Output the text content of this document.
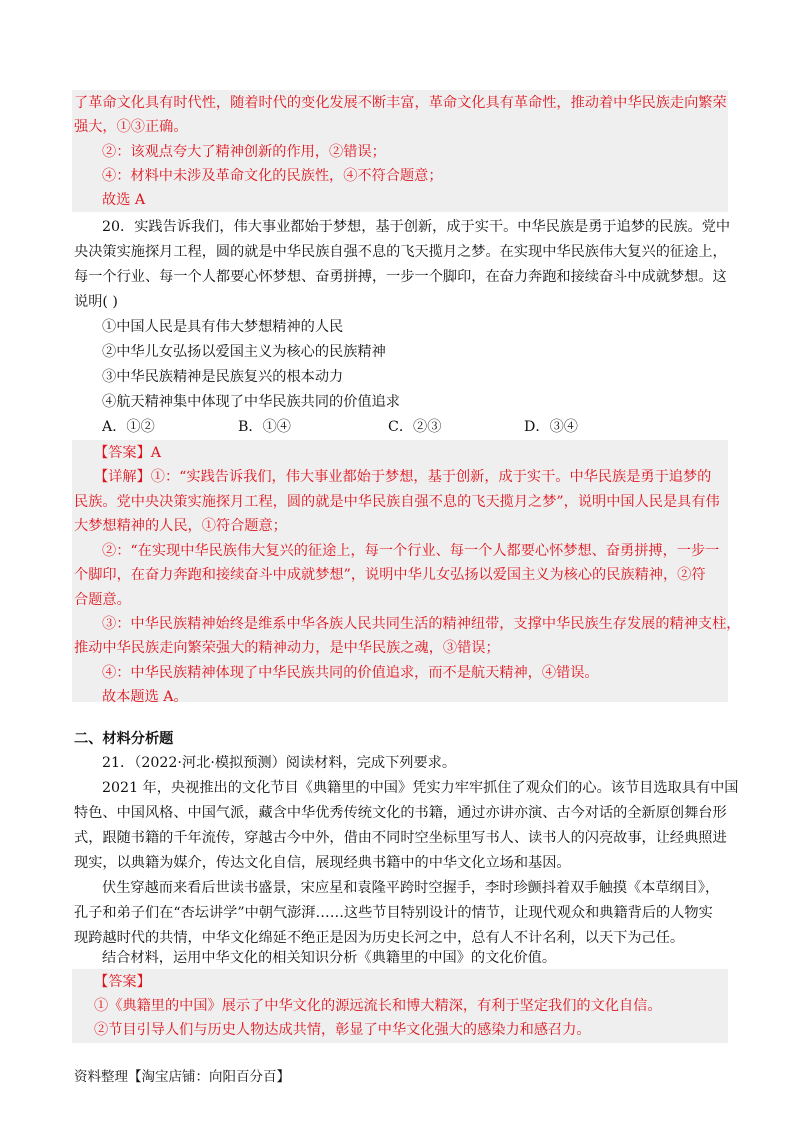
了革命文化具有时代性，随着时代的变化发展不断丰富，革命文化具有革命性，推动着中华民族走向繁荣
强大，①③正确。
②：该观点夸大了精神创新的作用，②错误；
④：材料中未涉及革命文化的民族性，④不符合题意；
故选 A
20．实践告诉我们，伟大事业都始于梦想，基于创新，成于实干。中华民族是勇于追梦的民族。党中
央决策实施探月工程，圆的就是中华民族自强不息的飞天揽月之梦。在实现中华民族伟大复兴的征途上，
每一个行业、每一个人都要心怀梦想、奋勇拼搏，一步一个脚印，在奋力奔跑和接续奋斗中成就梦想。这
说明( )
①中国人民是具有伟大梦想精神的人民
②中华儿女弘扬以爱国主义为核心的民族精神
③中华民族精神是民族复兴的根本动力
④航天精神集中体现了中华民族共同的价值追求
A．①②	B．①④	C．②③	D．③④
【答案】A
【详解】①：“实践告诉我们，伟大事业都始于梦想，基于创新，成于实干。中华民族是勇于追梦的
民族。党中央决策实施探月工程，圆的就是中华民族自强不息的飞天揽月之梦”，说明中国人民是具有伟
大梦想精神的人民，①符合题意；
②：“在实现中华民族伟大复兴的征途上，每一个行业、每一个人都要心怀梦想、奋勇拼搏，一步一
个脚印，在奋力奔跑和接续奋斗中成就梦想”，说明中华儿女弘扬以爱国主义为核心的民族精神，②符
合题意。
③：中华民族精神始终是维系中华各族人民共同生活的精神纽带，支撑中华民族生存发展的精神支柱，
推动中华民族走向繁荣强大的精神动力，是中华民族之魂，③错误；
④：中华民族精神体现了中华民族共同的价值追求，而不是航天精神，④错误。
故本题选 A。
二、材料分析题
21．（2022·河北·模拟预测）阅读材料，完成下列要求。
2021 年，央视推出的文化节目《典籍里的中国》凭实力牢牢抓住了观众们的心。该节目选取具有中国
特色、中国风格、中国气派，藏含中华优秀传统文化的书籍，通过亦讲亦演、古今对话的全新原创舞台形
式，跟随书籍的千年流传，穿越古今中外，借由不同时空坐标里写书人、读书人的闪亮故事，让经典照进
现实，以典籍为媒介，传达文化自信，展现经典书籍中的中华文化立场和基因。
伏生穿越而来看后世读书盛景，宋应星和袁隆平跨时空握手，李时珍颤抖着双手触摸《本草纲目》，
孔子和弟子们在“杏坛讲学”中朝气澎湃……这些节目特别设计的情节，让现代观众和典籍背后的人物实
现跨越时代的共情，中华文化绵延不绝正是因为历史长河之中，总有人不计名利，以天下为己任。
结合材料，运用中华文化的相关知识分析《典籍里的中国》的文化价值。
【答案】
①《典籍里的中国》展示了中华文化的源远流长和博大精深，有利于坚定我们的文化自信。
②节目引导人们与历史人物达成共情，彰显了中华文化强大的感染力和感召力。
资料整理【淘宝店铺：向阳百分百】
